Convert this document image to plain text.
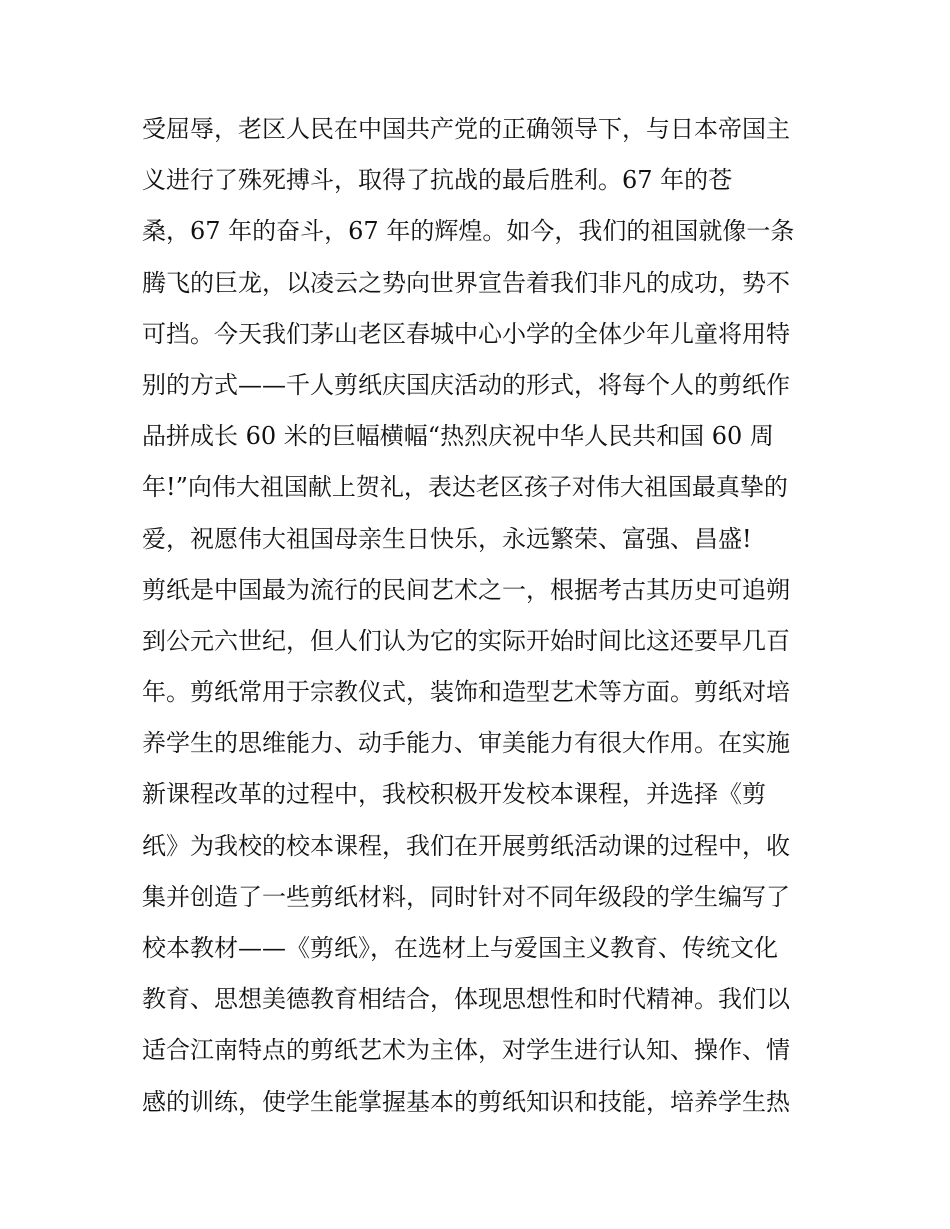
受屈辱，老区人民在中国共产党的正确领导下，与日本帝国主
义进行了殊死搏斗，取得了抗战的最后胜利。67 年的苍
桑，67 年的奋斗，67 年的辉煌。如今，我们的祖国就像一条
腾飞的巨龙，以凌云之势向世界宣告着我们非凡的成功，势不
可挡。今天我们茅山老区春城中心小学的全体少年儿童将用特
别的方式——千人剪纸庆国庆活动的形式，将每个人的剪纸作
品拼成长 60 米的巨幅横幅“热烈庆祝中华人民共和国 60 周
年!”向伟大祖国献上贺礼，表达老区孩子对伟大祖国最真挚的
爱，祝愿伟大祖国母亲生日快乐，永远繁荣、富强、昌盛!
剪纸是中国最为流行的民间艺术之一，根据考古其历史可追朔
到公元六世纪，但人们认为它的实际开始时间比这还要早几百
年。剪纸常用于宗教仪式，装饰和造型艺术等方面。剪纸对培
养学生的思维能力、动手能力、审美能力有很大作用。在实施
新课程改革的过程中，我校积极开发校本课程，并选择《剪
纸》为我校的校本课程，我们在开展剪纸活动课的过程中，收
集并创造了一些剪纸材料，同时针对不同年级段的学生编写了
校本教材——《剪纸》，在选材上与爱国主义教育、传统文化
教育、思想美德教育相结合，体现思想性和时代精神。我们以
适合江南特点的剪纸艺术为主体，对学生进行认知、操作、情
感的训练，使学生能掌握基本的剪纸知识和技能，培养学生热
